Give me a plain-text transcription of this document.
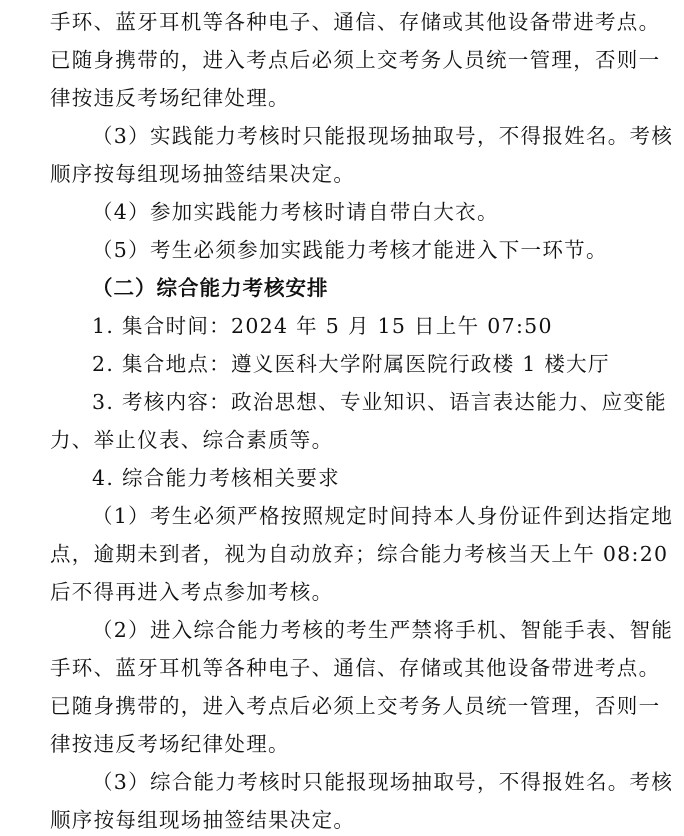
手环、蓝牙耳机等各种电子、通信、存储或其他设备带进考点。
已随身携带的，进入考点后必须上交考务人员统一管理，否则一
律按违反考场纪律处理。
（3）实践能力考核时只能报现场抽取号，不得报姓名。考核
顺序按每组现场抽签结果决定。
（4）参加实践能力考核时请自带白大衣。
（5）考生必须参加实践能力考核才能进入下一环节。
（二）综合能力考核安排
1. 集合时间：2024 年 5 月 15 日上午 07:50
2. 集合地点：遵义医科大学附属医院行政楼 1 楼大厅
3. 考核内容：政治思想、专业知识、语言表达能力、应变能
力、举止仪表、综合素质等。
4. 综合能力考核相关要求
（1）考生必须严格按照规定时间持本人身份证件到达指定地
点，逾期未到者，视为自动放弃；综合能力考核当天上午 08:20
后不得再进入考点参加考核。
（2）进入综合能力考核的考生严禁将手机、智能手表、智能
手环、蓝牙耳机等各种电子、通信、存储或其他设备带进考点。
已随身携带的，进入考点后必须上交考务人员统一管理，否则一
律按违反考场纪律处理。
（3）综合能力考核时只能报现场抽取号，不得报姓名。考核
顺序按每组现场抽签结果决定。
